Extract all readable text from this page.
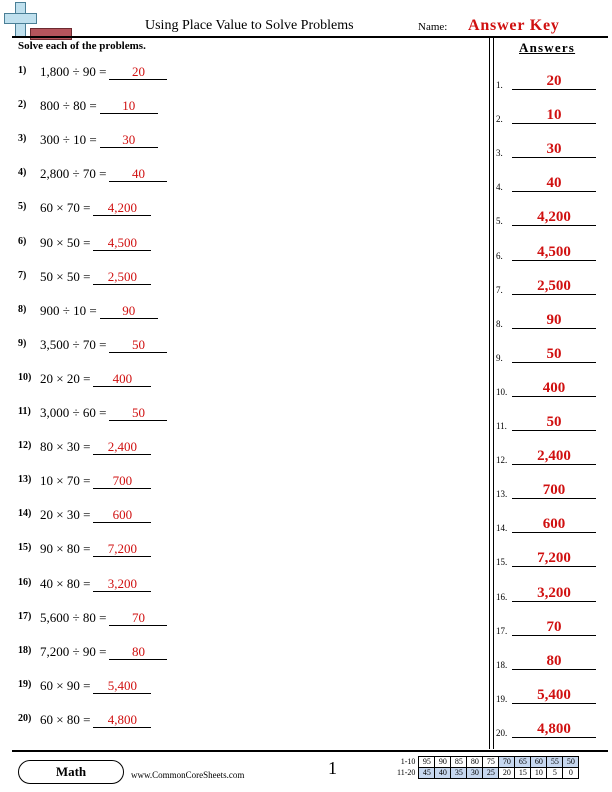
Using Place Value to Solve Problems	Name: Answer Key
Solve each of the problems.
1) 1,800 ÷ 90 = 20
2) 800 ÷ 80 = 10
3) 300 ÷ 10 = 30
4) 2,800 ÷ 70 = 40
5) 60 × 70 = 4,200
6) 90 × 50 = 4,500
7) 50 × 50 = 2,500
8) 900 ÷ 10 = 90
9) 3,500 ÷ 70 = 50
10) 20 × 20 = 400
11) 3,000 ÷ 60 = 50
12) 80 × 30 = 2,400
13) 10 × 70 = 700
14) 20 × 30 = 600
15) 90 × 80 = 7,200
16) 40 × 80 = 3,200
17) 5,600 ÷ 80 = 70
18) 7,200 ÷ 90 = 80
19) 60 × 90 = 5,400
20) 60 × 80 = 4,800
Answers
1.	20
2.	10
3.	30
4.	40
5.	4,200
6.	4,500
7.	2,500
8.	90
9.	50
10.	400
11.	50
12.	2,400
13.	700
14.	600
15.	7,200
16.	3,200
17.	70
18.	80
19.	5,400
20.	4,800
Math	www.CommonCoreSheets.com	1	1-10	95	90	85	80	75	70	65	60	55	50
11-20	45	40	35	30	25	20	15	10	5	0
